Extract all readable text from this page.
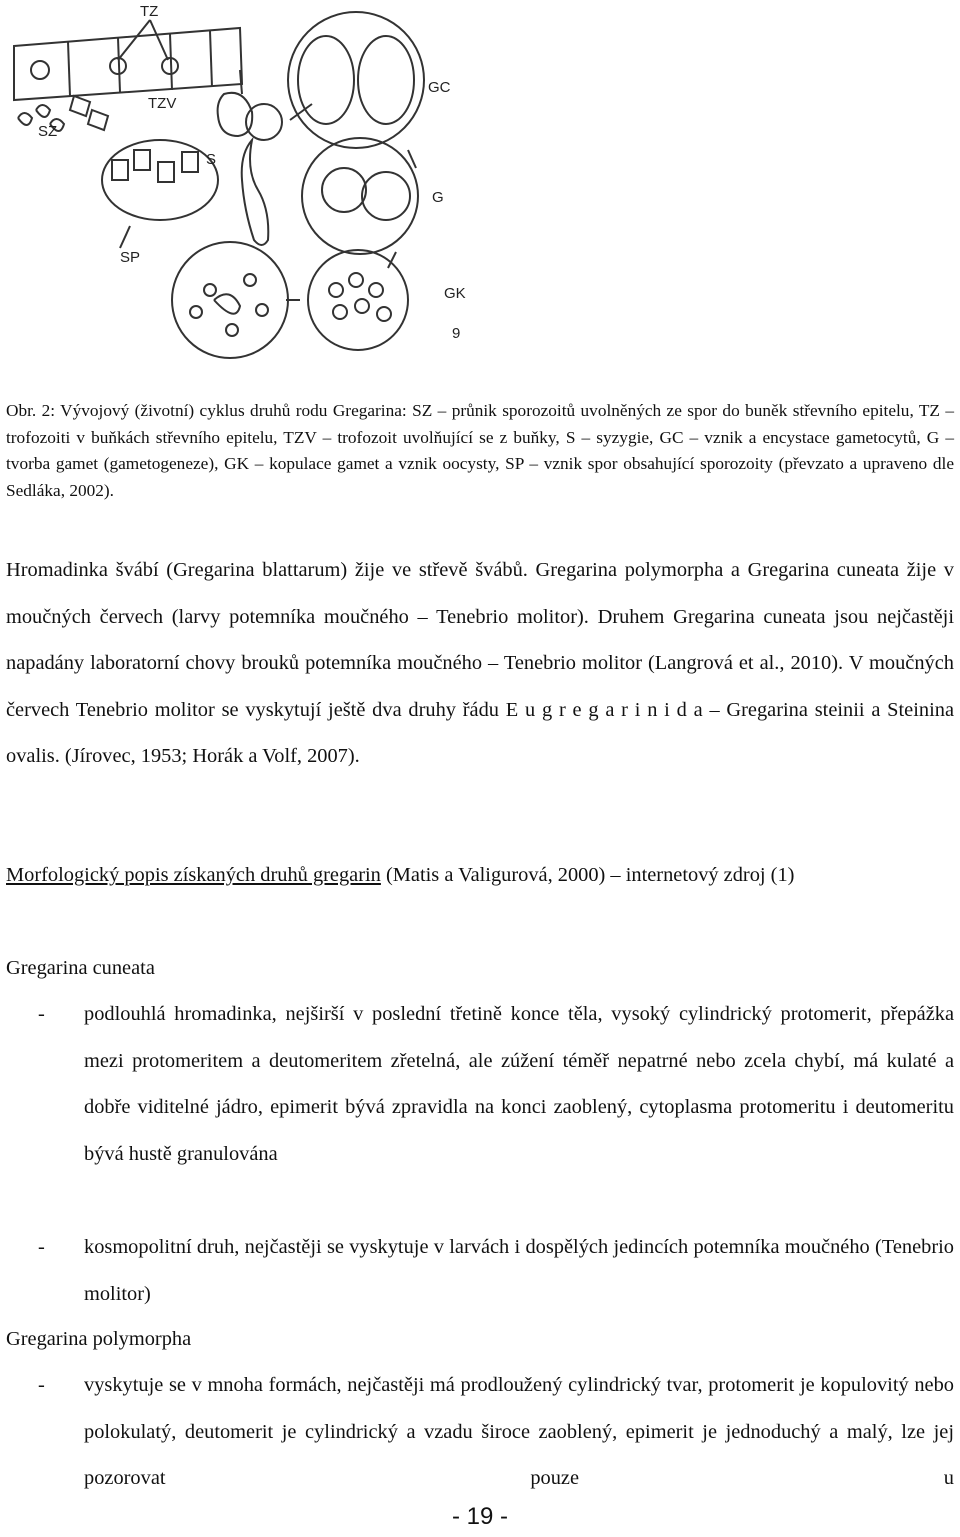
TZ
TZV
SZ
S
GC
G
SP
GK
9
Obr. 2: Vývojový (životní) cyklus druhů rodu Gregarina: SZ – průnik sporozoitů uvolněných ze spor do buněk střevního epitelu, TZ – trofozoiti v buňkách střevního epitelu, TZV – trofozoit uvolňující se z buňky, S – syzygie, GC – vznik a encystace gametocytů, G – tvorba gamet (gametogeneze), GK – kopulace gamet a vznik oocysty, SP – vznik spor obsahující sporozoity (převzato a upraveno dle Sedláka, 2002).
Hromadinka švábí (Gregarina blattarum) žije ve střevě švábů. Gregarina polymorpha a Gregarina cuneata žije v moučných červech (larvy potemníka moučného – Tenebrio molitor). Druhem Gregarina cuneata jsou nejčastěji napadány laboratorní chovy brouků potemníka moučného – Tenebrio molitor (Langrová et al., 2010). V moučných červech Tenebrio molitor se vyskytují ještě dva druhy řádu E u g r e g a r i n i d a – Gregarina steinii a Steinina ovalis. (Jírovec, 1953; Horák a Volf, 2007).
Morfologický popis získaných druhů gregarin (Matis a Valigurová, 2000) – internetový zdroj (1)
Gregarina cuneata
- podlouhlá hromadinka, nejširší v poslední třetině konce těla, vysoký cylindrický protomerit, přepážka mezi protomeritem a deutomeritem zřetelná, ale zúžení téměř nepatrné nebo zcela chybí, má kulaté a dobře viditelné jádro, epimerit bývá zpravidla na konci zaoblený, cytoplasma protomeritu i deutomeritu bývá hustě granulována
- kosmopolitní druh, nejčastěji se vyskytuje v larvách i dospělých jedincích potemníka moučného (Tenebrio molitor)
Gregarina polymorpha
- vyskytuje se v mnoha formách, nejčastěji má prodloužený cylindrický tvar, protomerit je kopulovitý nebo polokulatý, deutomerit je cylindrický a vzadu široce zaoblený, epimerit je jednoduchý a malý, lze jej pozorovat pouze u
- 19 -
